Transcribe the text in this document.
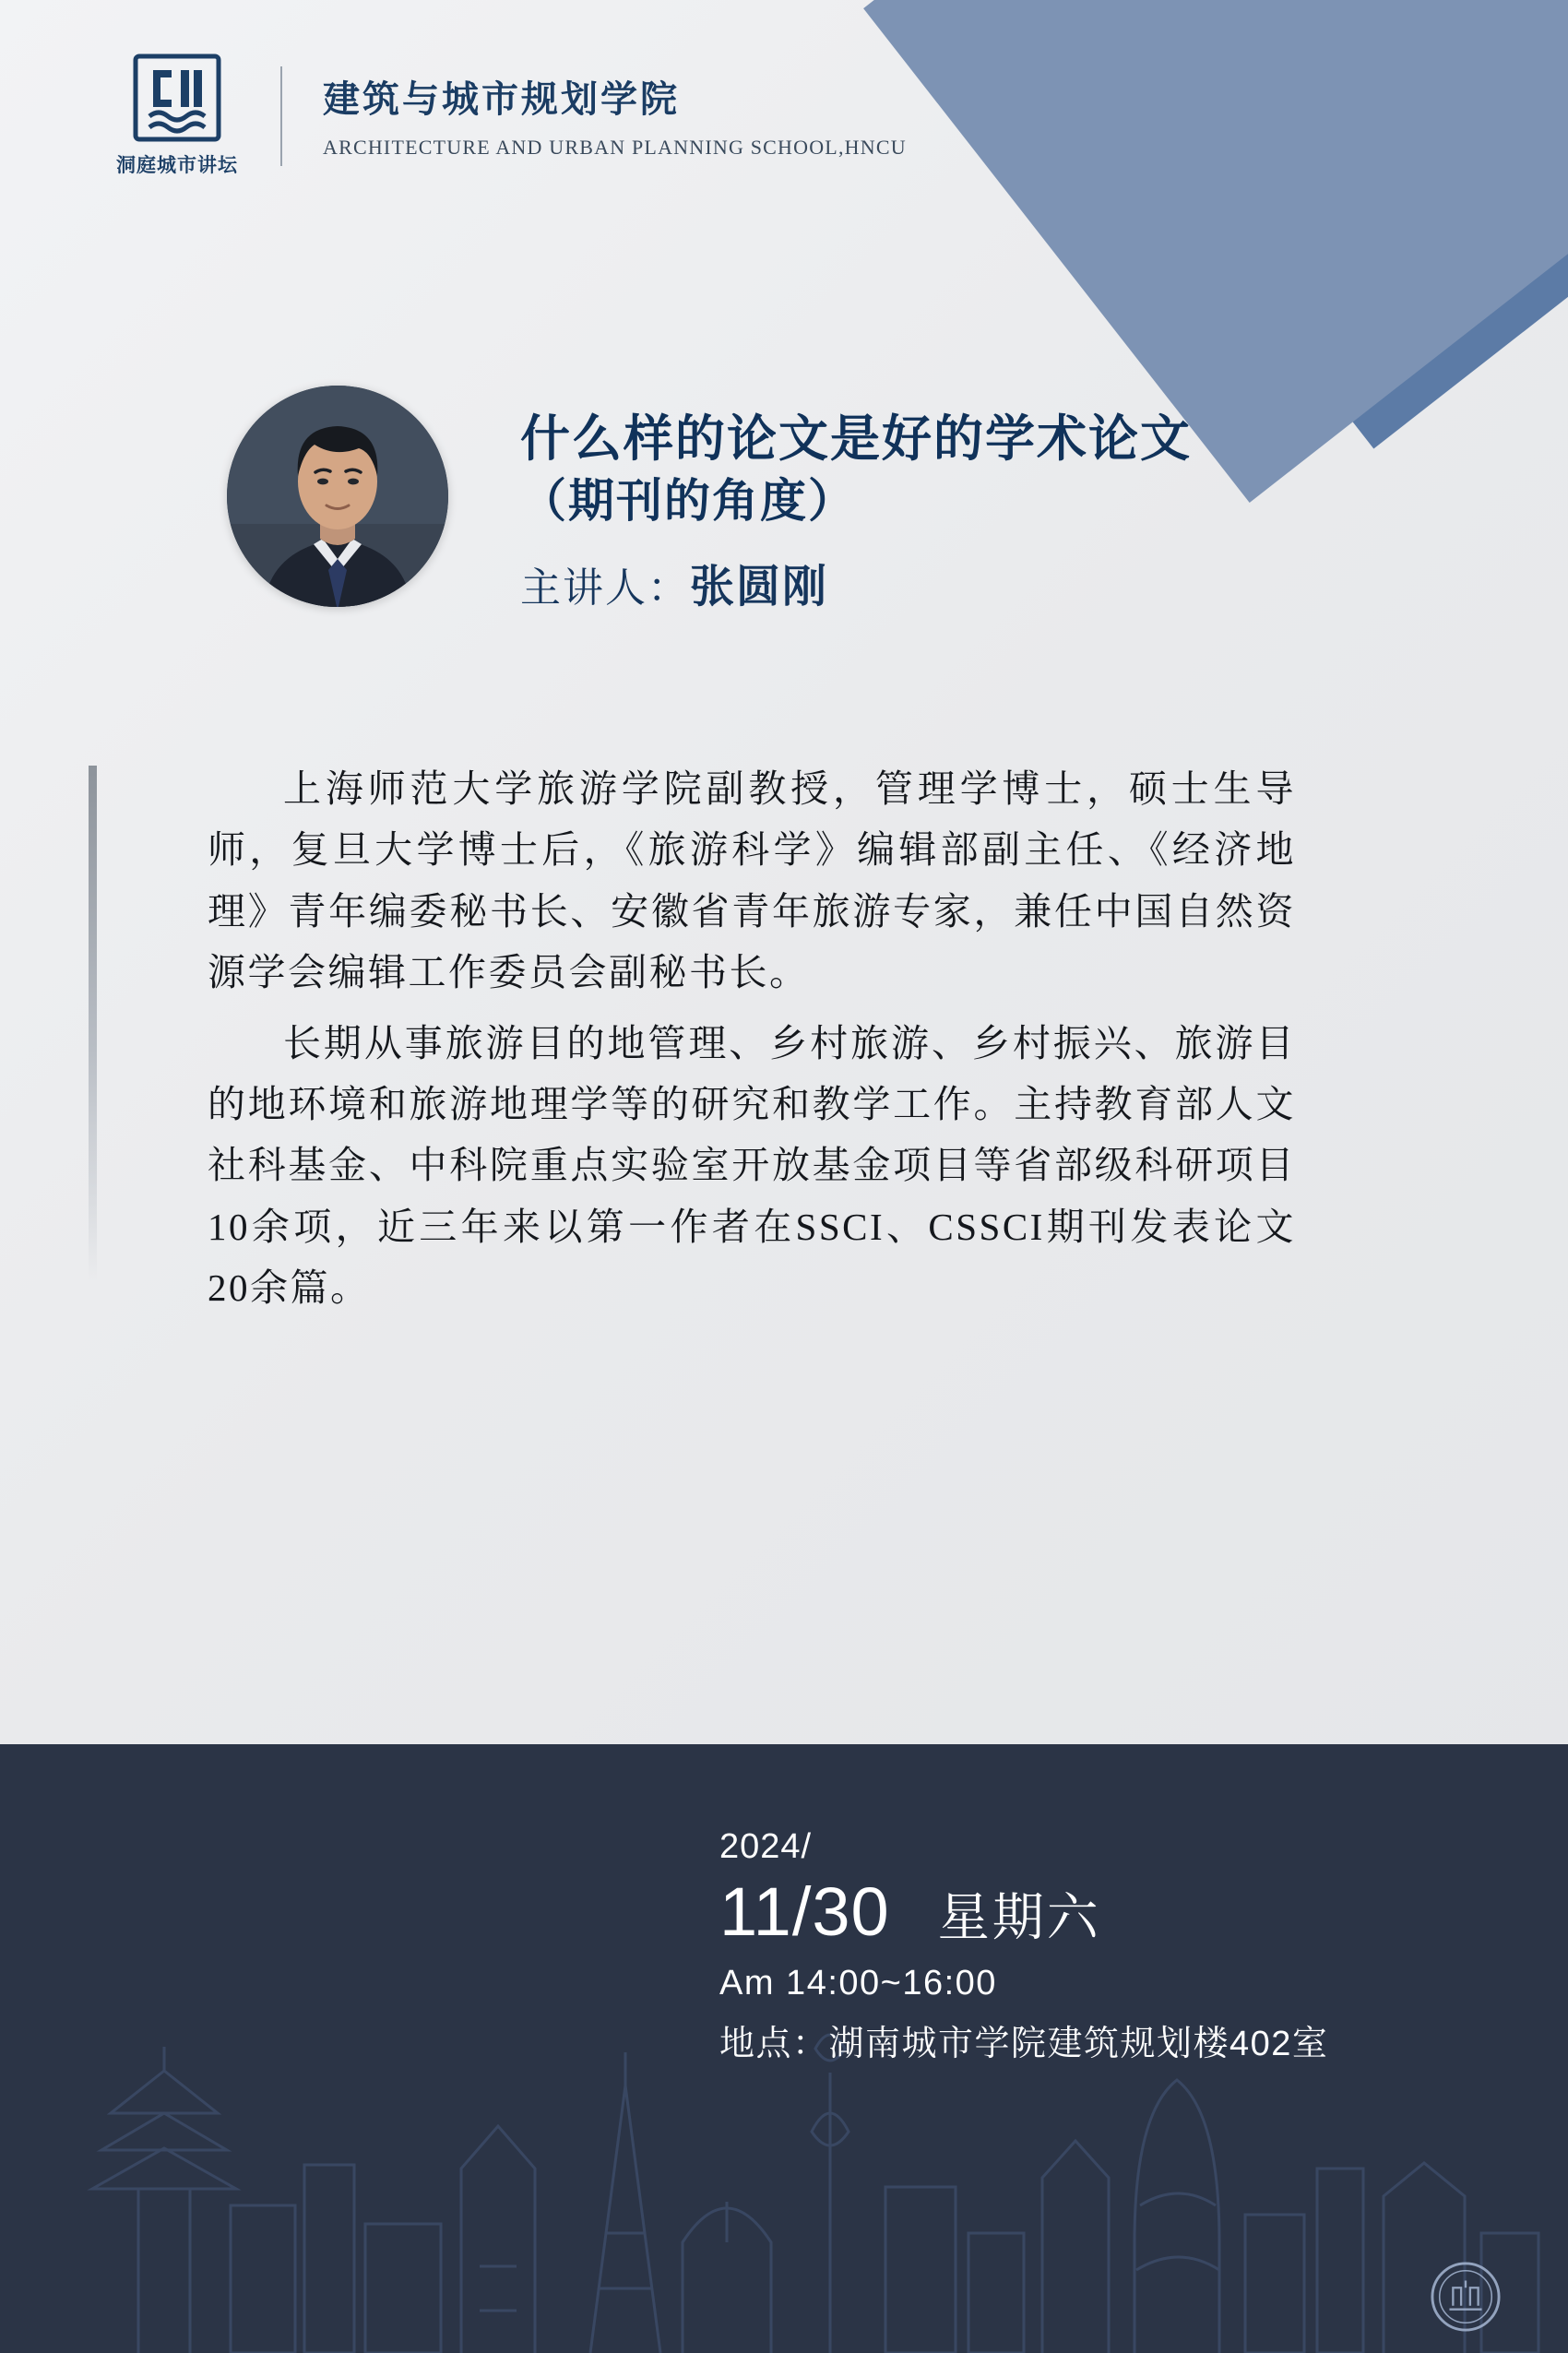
洞庭城市讲坛
建筑与城市规划学院
ARCHITECTURE AND URBAN PLANNING SCHOOL,HNCU
什么样的论文是好的学术论文
（期刊的角度）
主讲人：张圆刚

上海师范大学旅游学院副教授，管理学博士，硕士生导师，复旦大学博士后，《旅游科学》编辑部副主任、《经济地理》青年编委秘书长、安徽省青年旅游专家，兼任中国自然资源学会编辑工作委员会副秘书长。

长期从事旅游目的地管理、乡村旅游、乡村振兴、旅游目的地环境和旅游地理学等的研究和教学工作。主持教育部人文社科基金、中科院重点实验室开放基金项目等省部级科研项目10余项，近三年来以第一作者在SSCI、CSSCI期刊发表论文20余篇。

2024/
11/30 星期六
Am 14:00~16:00
地点：湖南城市学院建筑规划楼402室
